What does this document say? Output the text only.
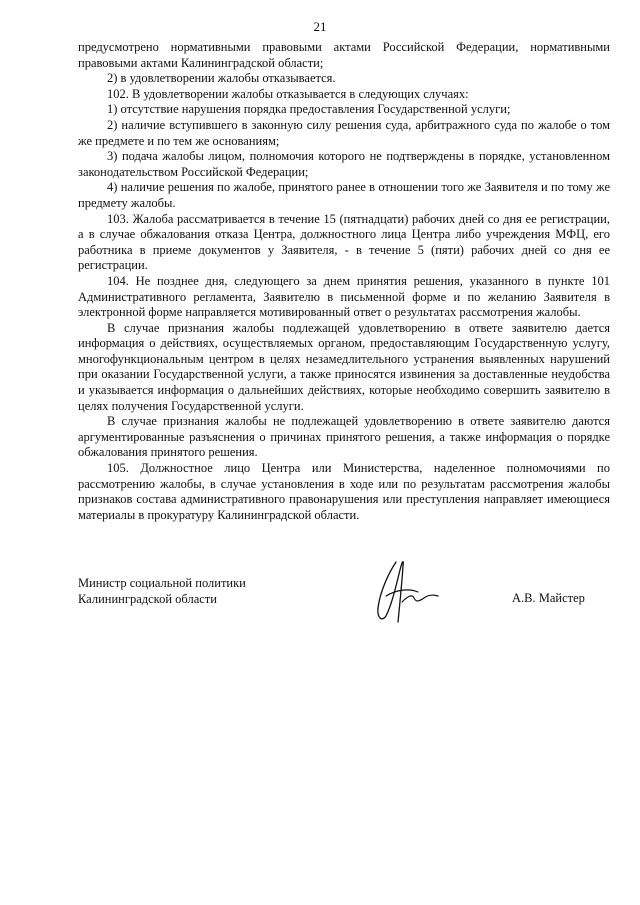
21

предусмотрено нормативными правовыми актами Российской Федерации, нормативными правовыми актами Калининградской области;

2) в удовлетворении жалобы отказывается.

102. В удовлетворении жалобы отказывается в следующих случаях:

1) отсутствие нарушения порядка предоставления Государственной услуги;

2) наличие вступившего в законную силу решения суда, арбитражного суда по жалобе о том же предмете и по тем же основаниям;

3) подача жалобы лицом, полномочия которого не подтверждены в порядке, установленном законодательством Российской Федерации;

4) наличие решения по жалобе, принятого ранее в отношении того же Заявителя и по тому же предмету жалобы.

103. Жалоба рассматривается в течение 15 (пятнадцати) рабочих дней со дня ее регистрации, а в случае обжалования отказа Центра, должностного лица Центра либо учреждения МФЦ, его работника в приеме документов у Заявителя, - в течение 5 (пяти) рабочих дней со дня ее регистрации.

104. Не позднее дня, следующего за днем принятия решения, указанного в пункте 101 Административного регламента, Заявителю в письменной форме и по желанию Заявителя в электронной форме направляется мотивированный ответ о результатах рассмотрения жалобы.

В случае признания жалобы подлежащей удовлетворению в ответе заявителю дается информация о действиях, осуществляемых органом, предоставляющим Государственную услугу, многофункциональным центром в целях незамедлительного устранения выявленных нарушений при оказании Государственной услуги, а также приносятся извинения за доставленные неудобства и указывается информация о дальнейших действиях, которые необходимо совершить заявителю в целях получения Государственной услуги.

В случае признания жалобы не подлежащей удовлетворению в ответе заявителю даются аргументированные разъяснения о причинах принятого решения, а также информация о порядке обжалования принятого решения.

105. Должностное лицо Центра или Министерства, наделенное полномочиями по рассмотрению жалобы, в случае установления в ходе или по результатам рассмотрения жалобы признаков состава административного правонарушения или преступления направляет имеющиеся материалы в прокуратуру Калининградской области.

Министр социальной политики
Калининградской области	А.В. Майстер
